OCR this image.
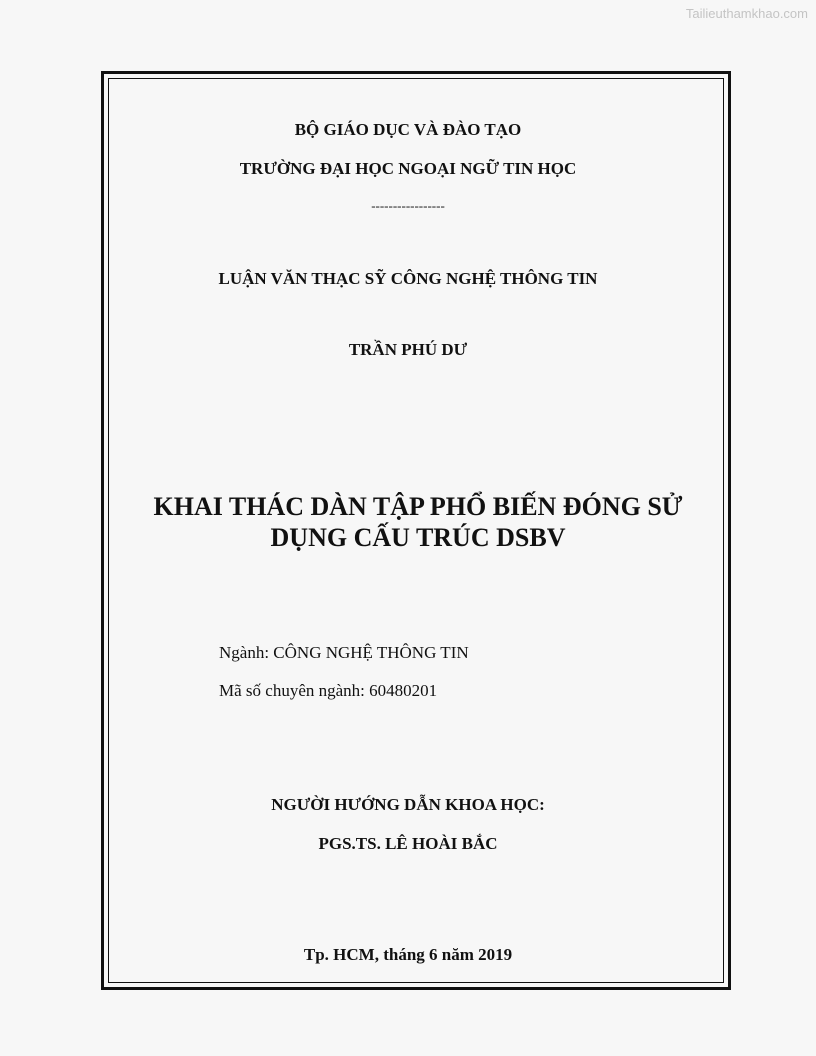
Tailieuthamkhao.com
BỘ GIÁO DỤC VÀ ĐÀO TẠO
TRƯỜNG ĐẠI HỌC NGOẠI NGỮ TIN HỌC
-----------------
LUẬN VĂN THẠC SỸ CÔNG NGHỆ THÔNG TIN
TRẦN PHÚ DƯ
KHAI THÁC DÀN TẬP PHỔ BIẾN ĐÓNG SỬ
DỤNG CẤU TRÚC DSBV
Ngành: CÔNG NGHỆ THÔNG TIN
Mã số chuyên ngành: 60480201
NGƯỜI HƯỚNG DẪN KHOA HỌC:
PGS.TS. LÊ HOÀI BẮC
Tp. HCM, tháng 6 năm 2019
